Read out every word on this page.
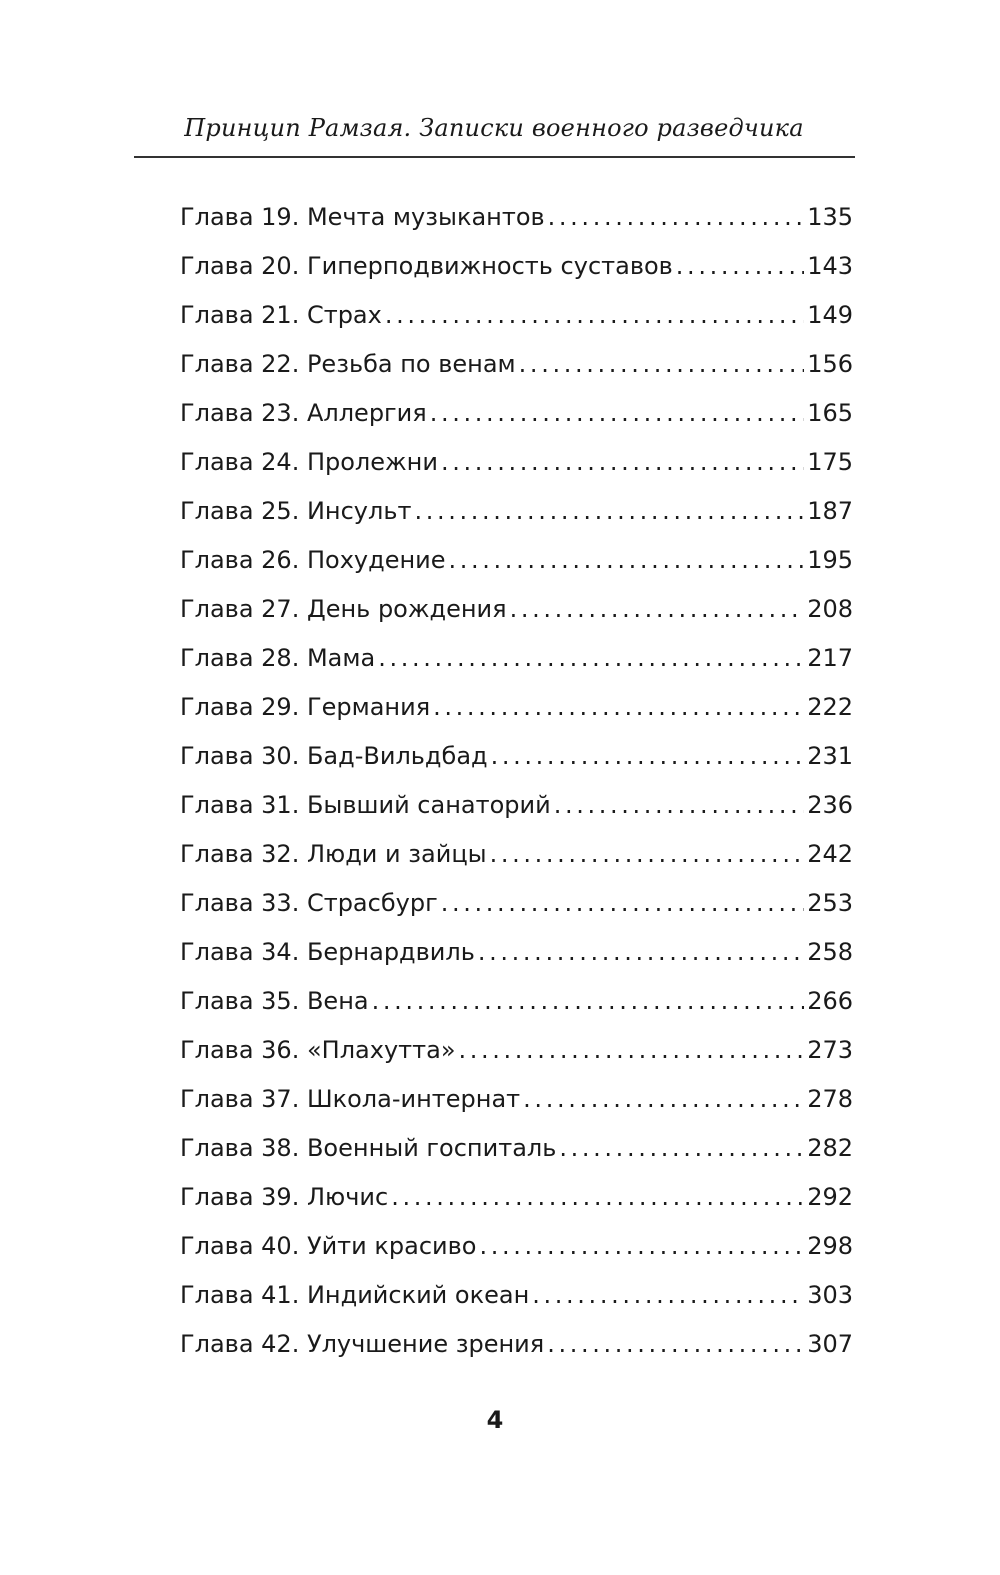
Принцип Рамзая. Записки военного разведчика
Глава 19. Мечта музыкантов . . .	135
Глава 20. Гиперподвижность суставов . . .	143
Глава 21. Страх . . .	149
Глава 22. Резьба по венам . . .	156
Глава 23. Аллергия . . .	165
Глава 24. Пролежни . . .	175
Глава 25. Инсульт . . .	187
Глава 26. Похудение . . .	195
Глава 27. День рождения . . .	208
Глава 28. Мама . . .	217
Глава 29. Германия . . .	222
Глава 30. Бад-Вильдбад . . .	231
Глава 31. Бывший санаторий . . .	236
Глава 32. Люди и зайцы . . .	242
Глава 33. Страсбург . . .	253
Глава 34. Бернардвиль . . .	258
Глава 35. Вена . . .	266
Глава 36. «Плахутта» . . .	273
Глава 37. Школа-интернат . . .	278
Глава 38. Военный госпиталь . . .	282
Глава 39. Лючис . . .	292
Глава 40. Уйти красиво . . .	298
Глава 41. Индийский океан . . .	303
Глава 42. Улучшение зрения . . .	307
4
